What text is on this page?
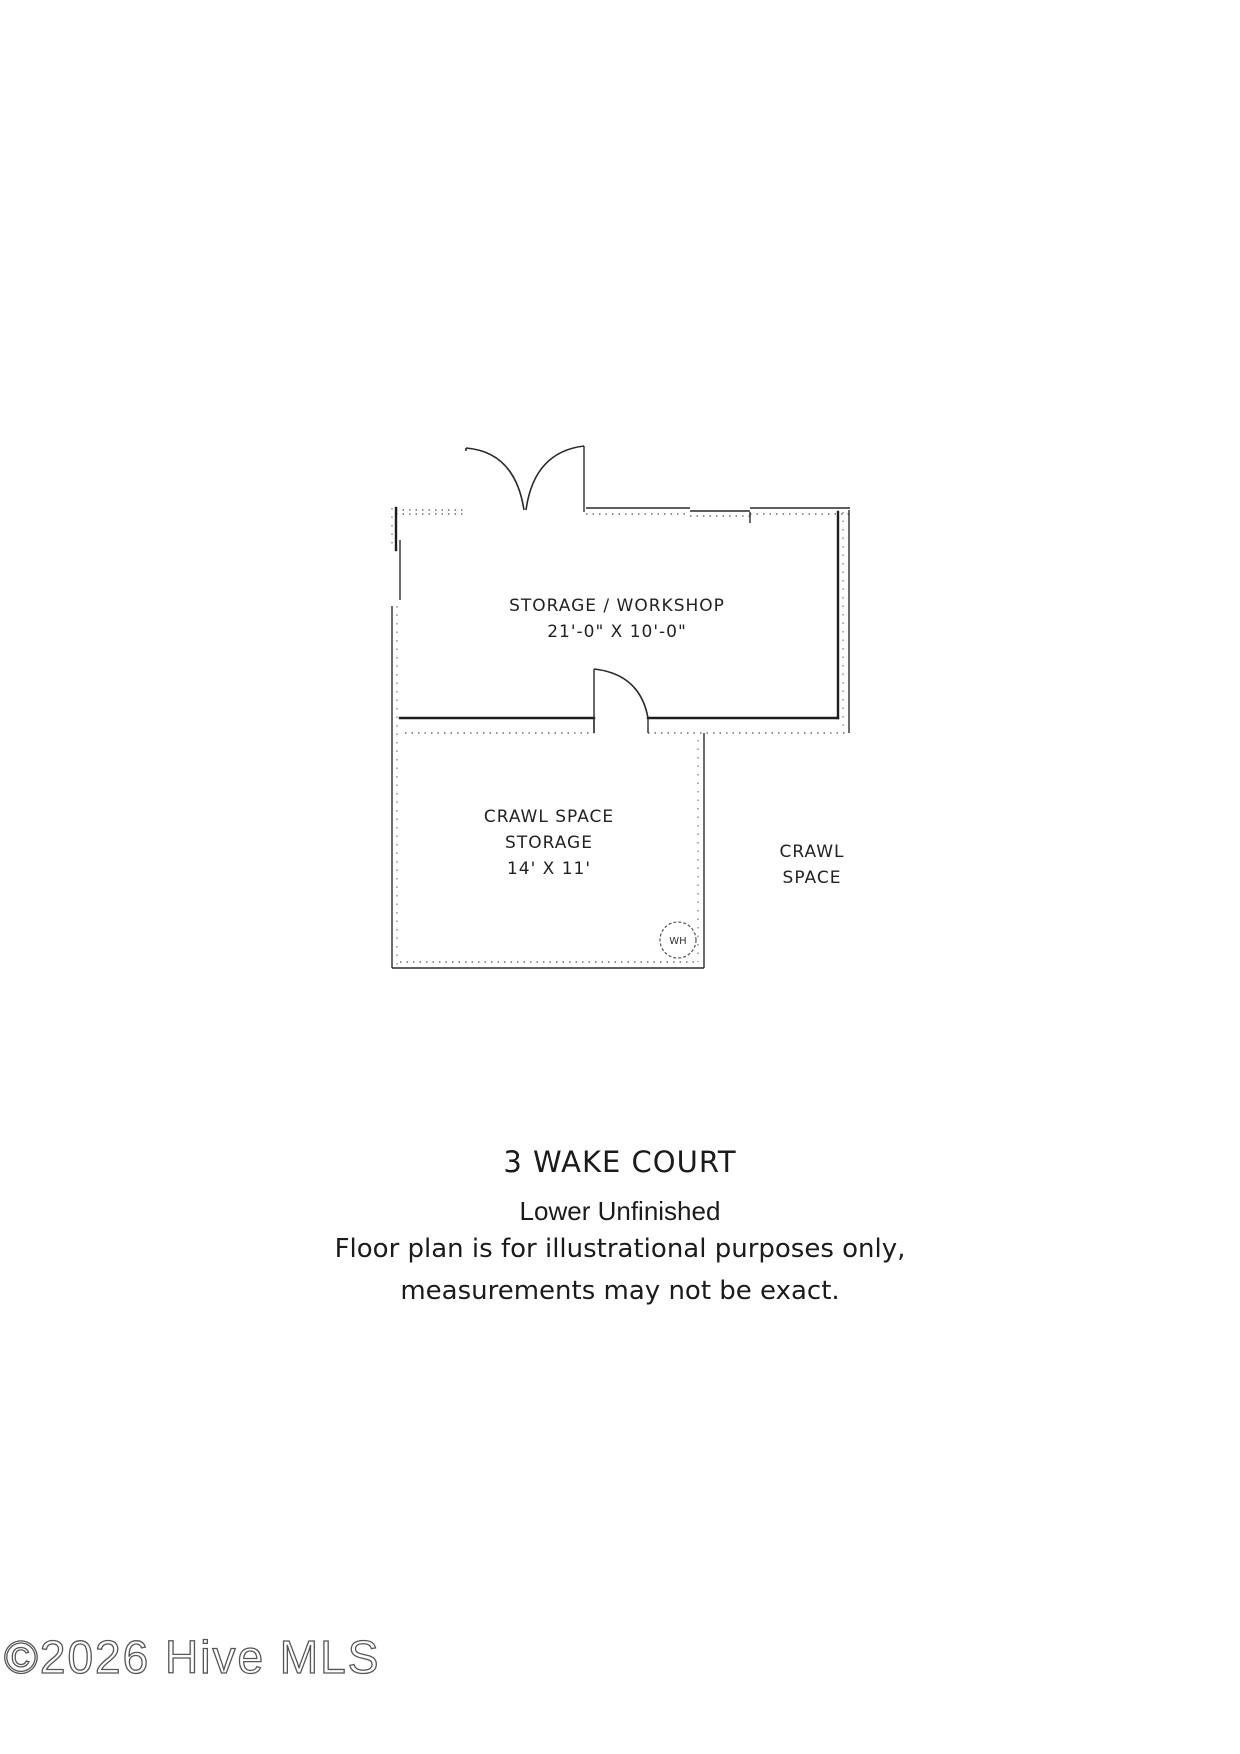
WH
STORAGE / WORKSHOP
21'-0" X 10'-0"
CRAWL SPACE
STORAGE
14' X 11'
CRAWL
SPACE

3 WAKE COURT

Lower Unfinished

Floor plan is for illustrational purposes only,

measurements may not be exact.

©2026 Hive MLS
